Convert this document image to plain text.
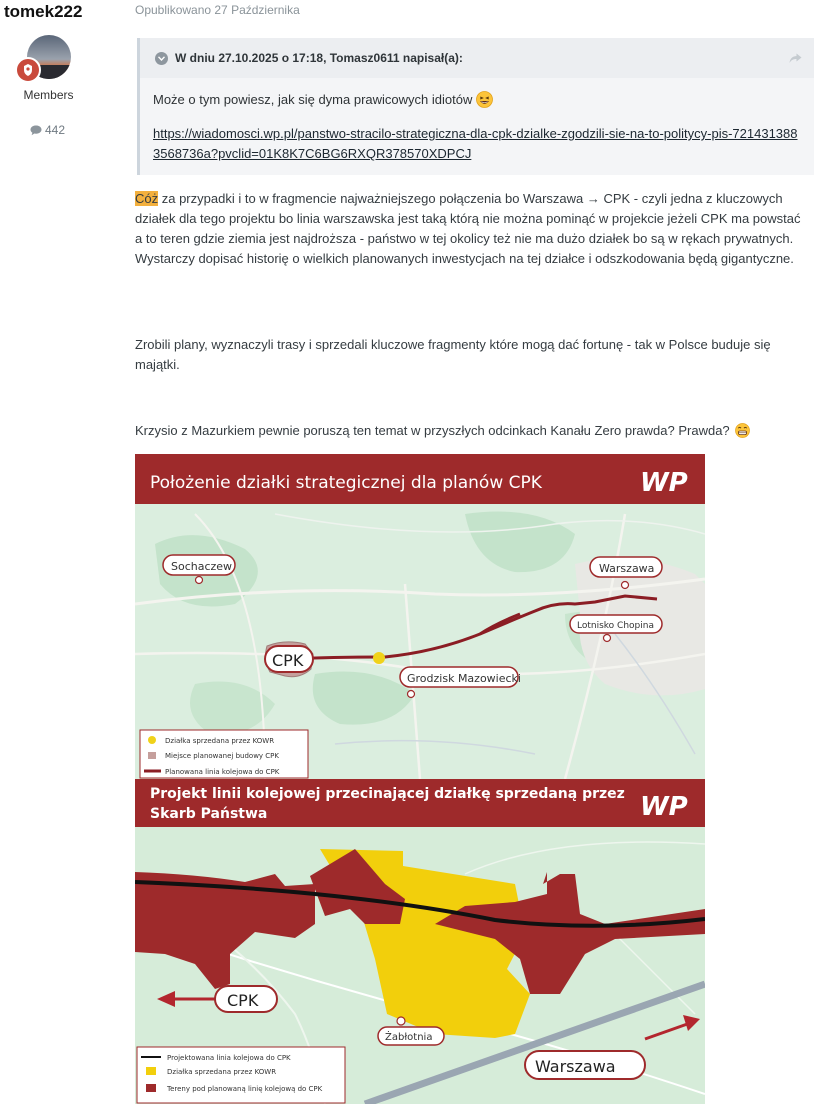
tomek222
Members
442
Opublikowano 27 Października
W dniu 27.10.2025 o 17:18, Tomasz0611 napisał(a):
Może o tym powiesz, jak się dyma prawicowych idiotów
https://wiadomosci.wp.pl/panstwo-stracilo-strategiczna-dla-cpk-dzialke-zgodzili-sie-na-to-politycy-pis-7214313883568736a?pvclid=01K8K7C6BG6RXQR378570XDPCJ
Cóż za przypadki i to w fragmencie najważniejszego połączenia bo Warszawa → CPK - czyli jedna z kluczowych działek dla tego projektu bo linia warszawska jest taką którą nie można pominąć w projekcie jeżeli CPK ma powstać a to teren gdzie ziemia jest najdroższa - państwo w tej okolicy też nie ma dużo działek bo są w rękach prywatnych. Wystarczy dopisać historię o wielkich planowanych inwestycjach na tej działce i odszkodowania będą gigantyczne.
Zrobili plany, wyznaczyli trasy i sprzedali kluczowe fragmenty które mogą dać fortunę - tak w Polsce buduje się majątki.
Krzysio z Mazurkiem pewnie poruszą ten temat w przyszłych odcinkach Kanału Zero prawda? Prawda?
Położenie działki strategicznej dla planów CPK	WP
Sochaczew	Warszawa
Lotnisko Chopina
CPK
Grodzisk Mazowiecki
Działka sprzedana przez KOWR
Miejsce planowanej budowy CPK
Planowana linia kolejowa do CPK
Projekt linii kolejowej przecinającej działkę sprzedaną przez
Skarb Państwa	WP
CPK
Żabłotnia
Warszawa
Projektowana linia kolejowa do CPK
Działka sprzedana przez KOWR
Tereny pod planowaną linię kolejową do CPK
